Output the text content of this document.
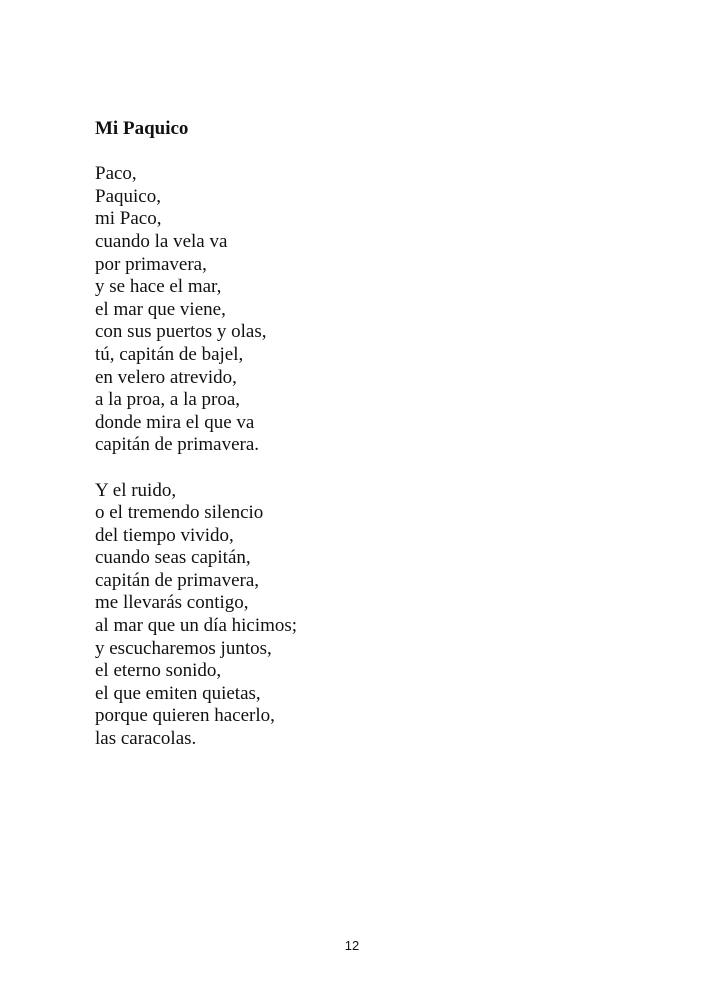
Mi Paquico
Paco,
Paquico,
mi Paco,
cuando la vela va
por primavera,
y se hace el mar,
el mar que viene,
con sus puertos y olas,
tú, capitán de bajel,
en velero atrevido,
a la proa, a la proa,
donde mira el que va
capitán de primavera.
Y el ruido,
o el tremendo silencio
del tiempo vivido,
cuando seas capitán,
capitán de primavera,
me llevarás contigo,
al mar que un día hicimos;
y escucharemos juntos,
el eterno sonido,
el que emiten quietas,
porque quieren hacerlo,
las caracolas.
12
